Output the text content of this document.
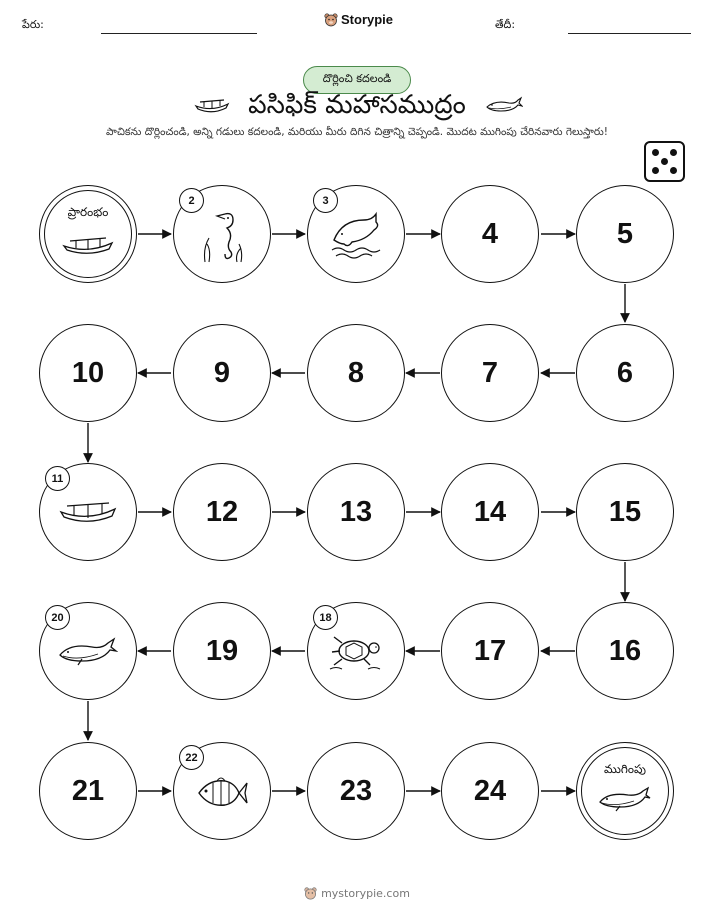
పేరు:	Storypie	తేదీ:
దొర్లించి కదలండి
పసిఫిక్ మహాసముద్రం
పాచికను దొర్లించండి, అన్ని గడులు కదలండి, మరియు మీరు దిగిన చిత్రాన్ని చెప్పండి. మొదట ముగింపు చేరినవారు గెలుస్తారు!
ప్రారంభం
2	3
4	5
6
7
8
9
10
11
12	13	14	15
16
17
18
19
20
21
22
23	24
ముగింపు
mystorypie.com
